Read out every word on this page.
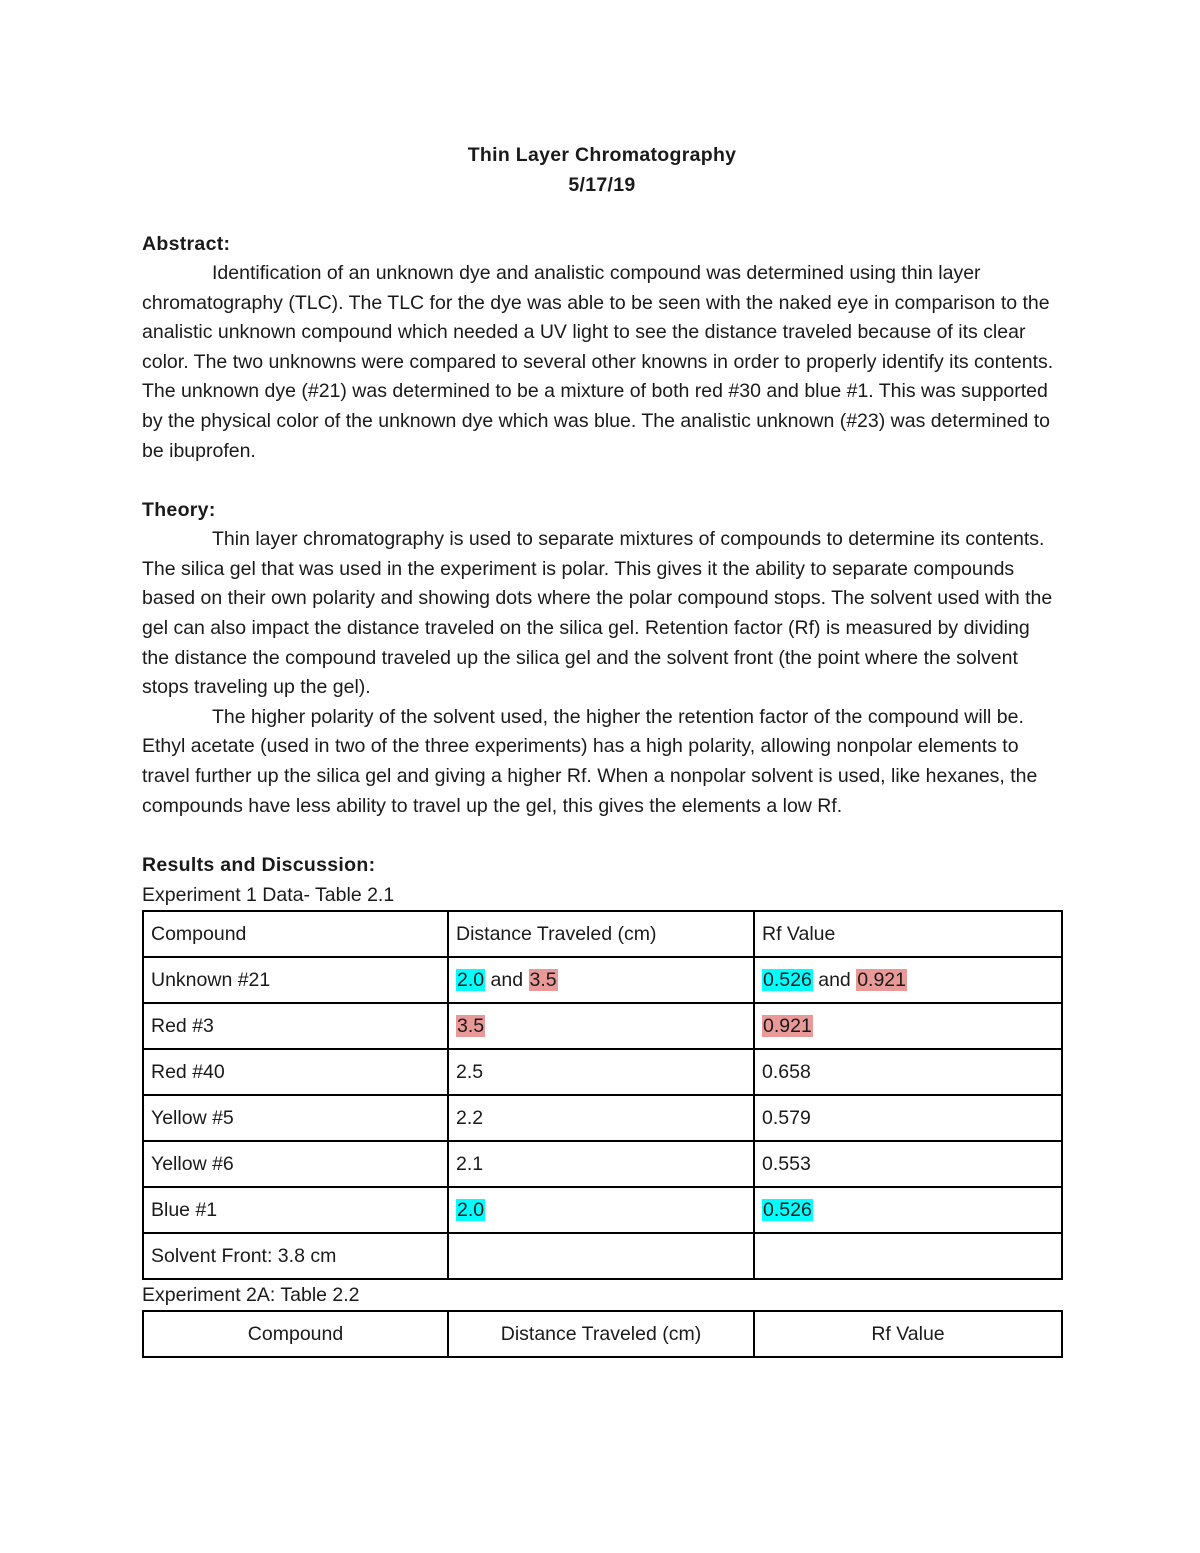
Thin Layer Chromatography
5/17/19
Abstract:

Identification of an unknown dye and analistic compound was determined using thin layer chromatography (TLC). The TLC for the dye was able to be seen with the naked eye in comparison to the analistic unknown compound which needed a UV light to see the distance traveled because of its clear color. The two unknowns were compared to several other knowns in order to properly identify its contents. The unknown dye (#21) was determined to be a mixture of both red #30 and blue #1. This was supported by the physical color of the unknown dye which was blue. The analistic unknown (#23) was determined to be ibuprofen.

Theory:

Thin layer chromatography is used to separate mixtures of compounds to determine its contents. The silica gel that was used in the experiment is polar. This gives it the ability to separate compounds based on their own polarity and showing dots where the polar compound stops. The solvent used with the gel can also impact the distance traveled on the silica gel. Retention factor (Rf) is measured by dividing the distance the compound traveled up the silica gel and the solvent front (the point where the solvent stops traveling up the gel).

The higher polarity of the solvent used, the higher the retention factor of the compound will be. Ethyl acetate (used in two of the three experiments) has a high polarity, allowing nonpolar elements to travel further up the silica gel and giving a higher Rf. When a nonpolar solvent is used, like hexanes, the compounds have less ability to travel up the gel, this gives the elements a low Rf.

Results and Discussion:
Experiment 1 Data- Table 2.1
Compound	Distance Traveled (cm)	Rf Value
Unknown #21	2.0 and 3.5	0.526 and 0.921
Red #3	3.5	0.921
Red #40	2.5	0.658
Yellow #5	2.2	0.579
Yellow #6	2.1	0.553
Blue #1	2.0	0.526
Solvent Front: 3.8 cm		
Experiment 2A: Table 2.2
Compound	Distance Traveled (cm)	Rf Value
